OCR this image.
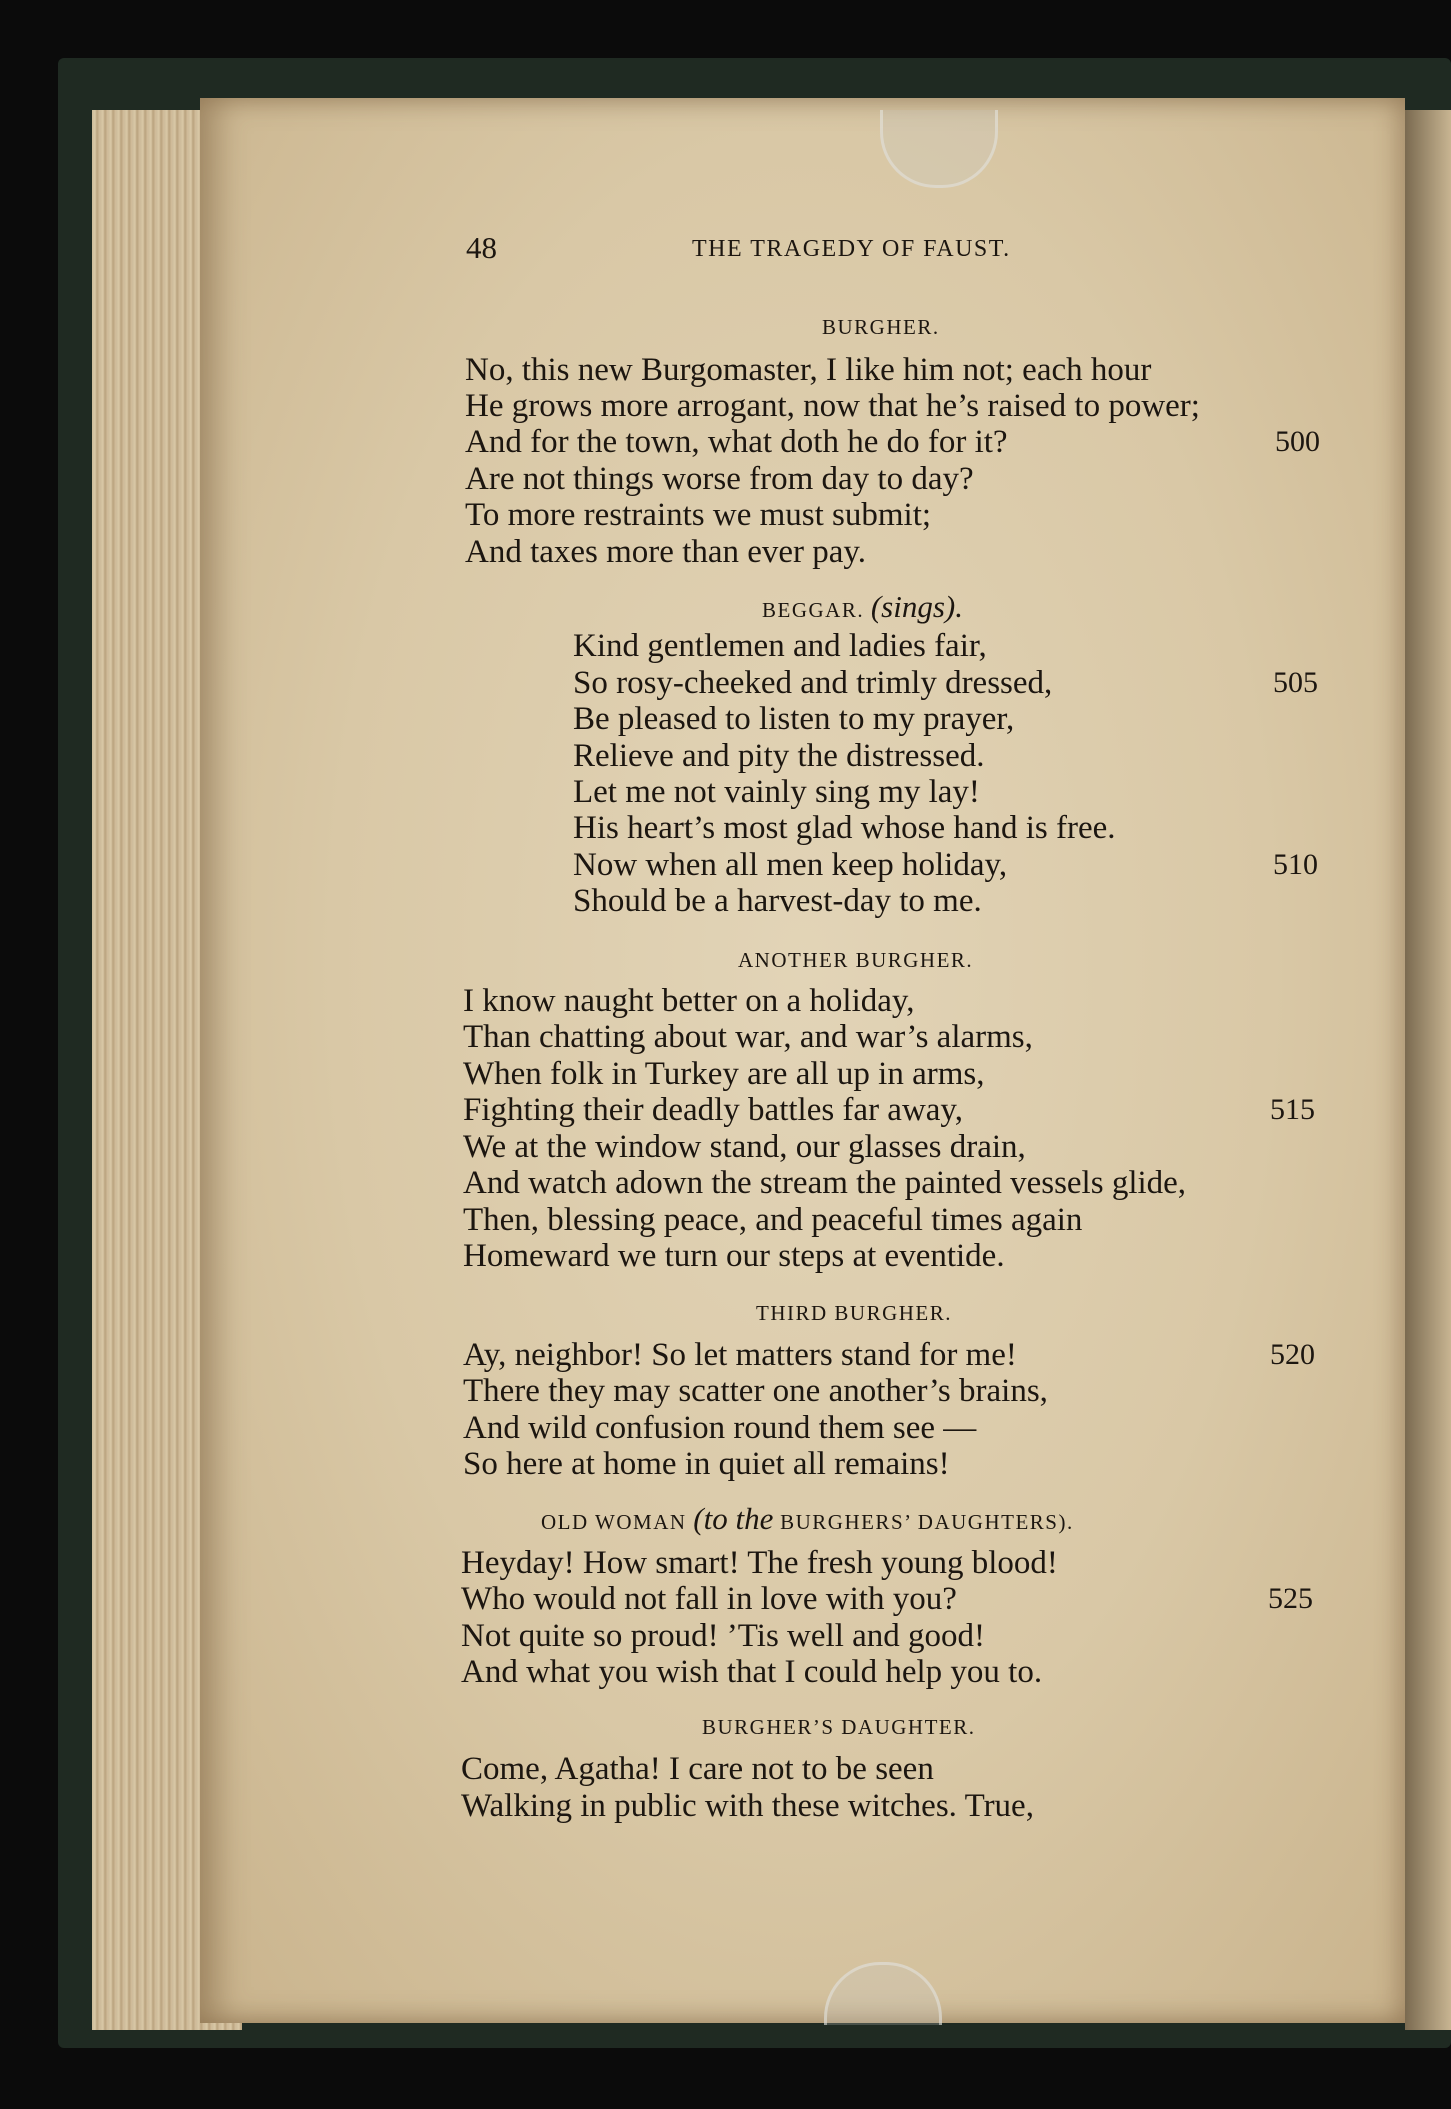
48	THE TRAGEDY OF FAUST.
BURGHER.
No, this new Burgomaster, I like him not; each hour
He grows more arrogant, now that he’s raised to power;
And for the town, what doth he do for it?	500
Are not things worse from day to day?
To more restraints we must submit;
And taxes more than ever pay.
BEGGAR. (sings).
Kind gentlemen and ladies fair,
So rosy-cheeked and trimly dressed,	505
Be pleased to listen to my prayer,
Relieve and pity the distressed.
Let me not vainly sing my lay!
His heart’s most glad whose hand is free.
Now when all men keep holiday,	510
Should be a harvest-day to me.
ANOTHER BURGHER.
I know naught better on a holiday,
Than chatting about war, and war’s alarms,
When folk in Turkey are all up in arms,
Fighting their deadly battles far away,	515
We at the window stand, our glasses drain,
And watch adown the stream the painted vessels glide,
Then, blessing peace, and peaceful times again
Homeward we turn our steps at eventide.
THIRD BURGHER.
Ay, neighbor! So let matters stand for me!	520
There they may scatter one another’s brains,
And wild confusion round them see —
So here at home in quiet all remains!
OLD WOMAN (to the BURGHERS’ DAUGHTERS).
Heyday! How smart! The fresh young blood!
Who would not fall in love with you?	525
Not quite so proud! ’Tis well and good!
And what you wish that I could help you to.
BURGHER’S DAUGHTER.
Come, Agatha! I care not to be seen
Walking in public with these witches. True,
